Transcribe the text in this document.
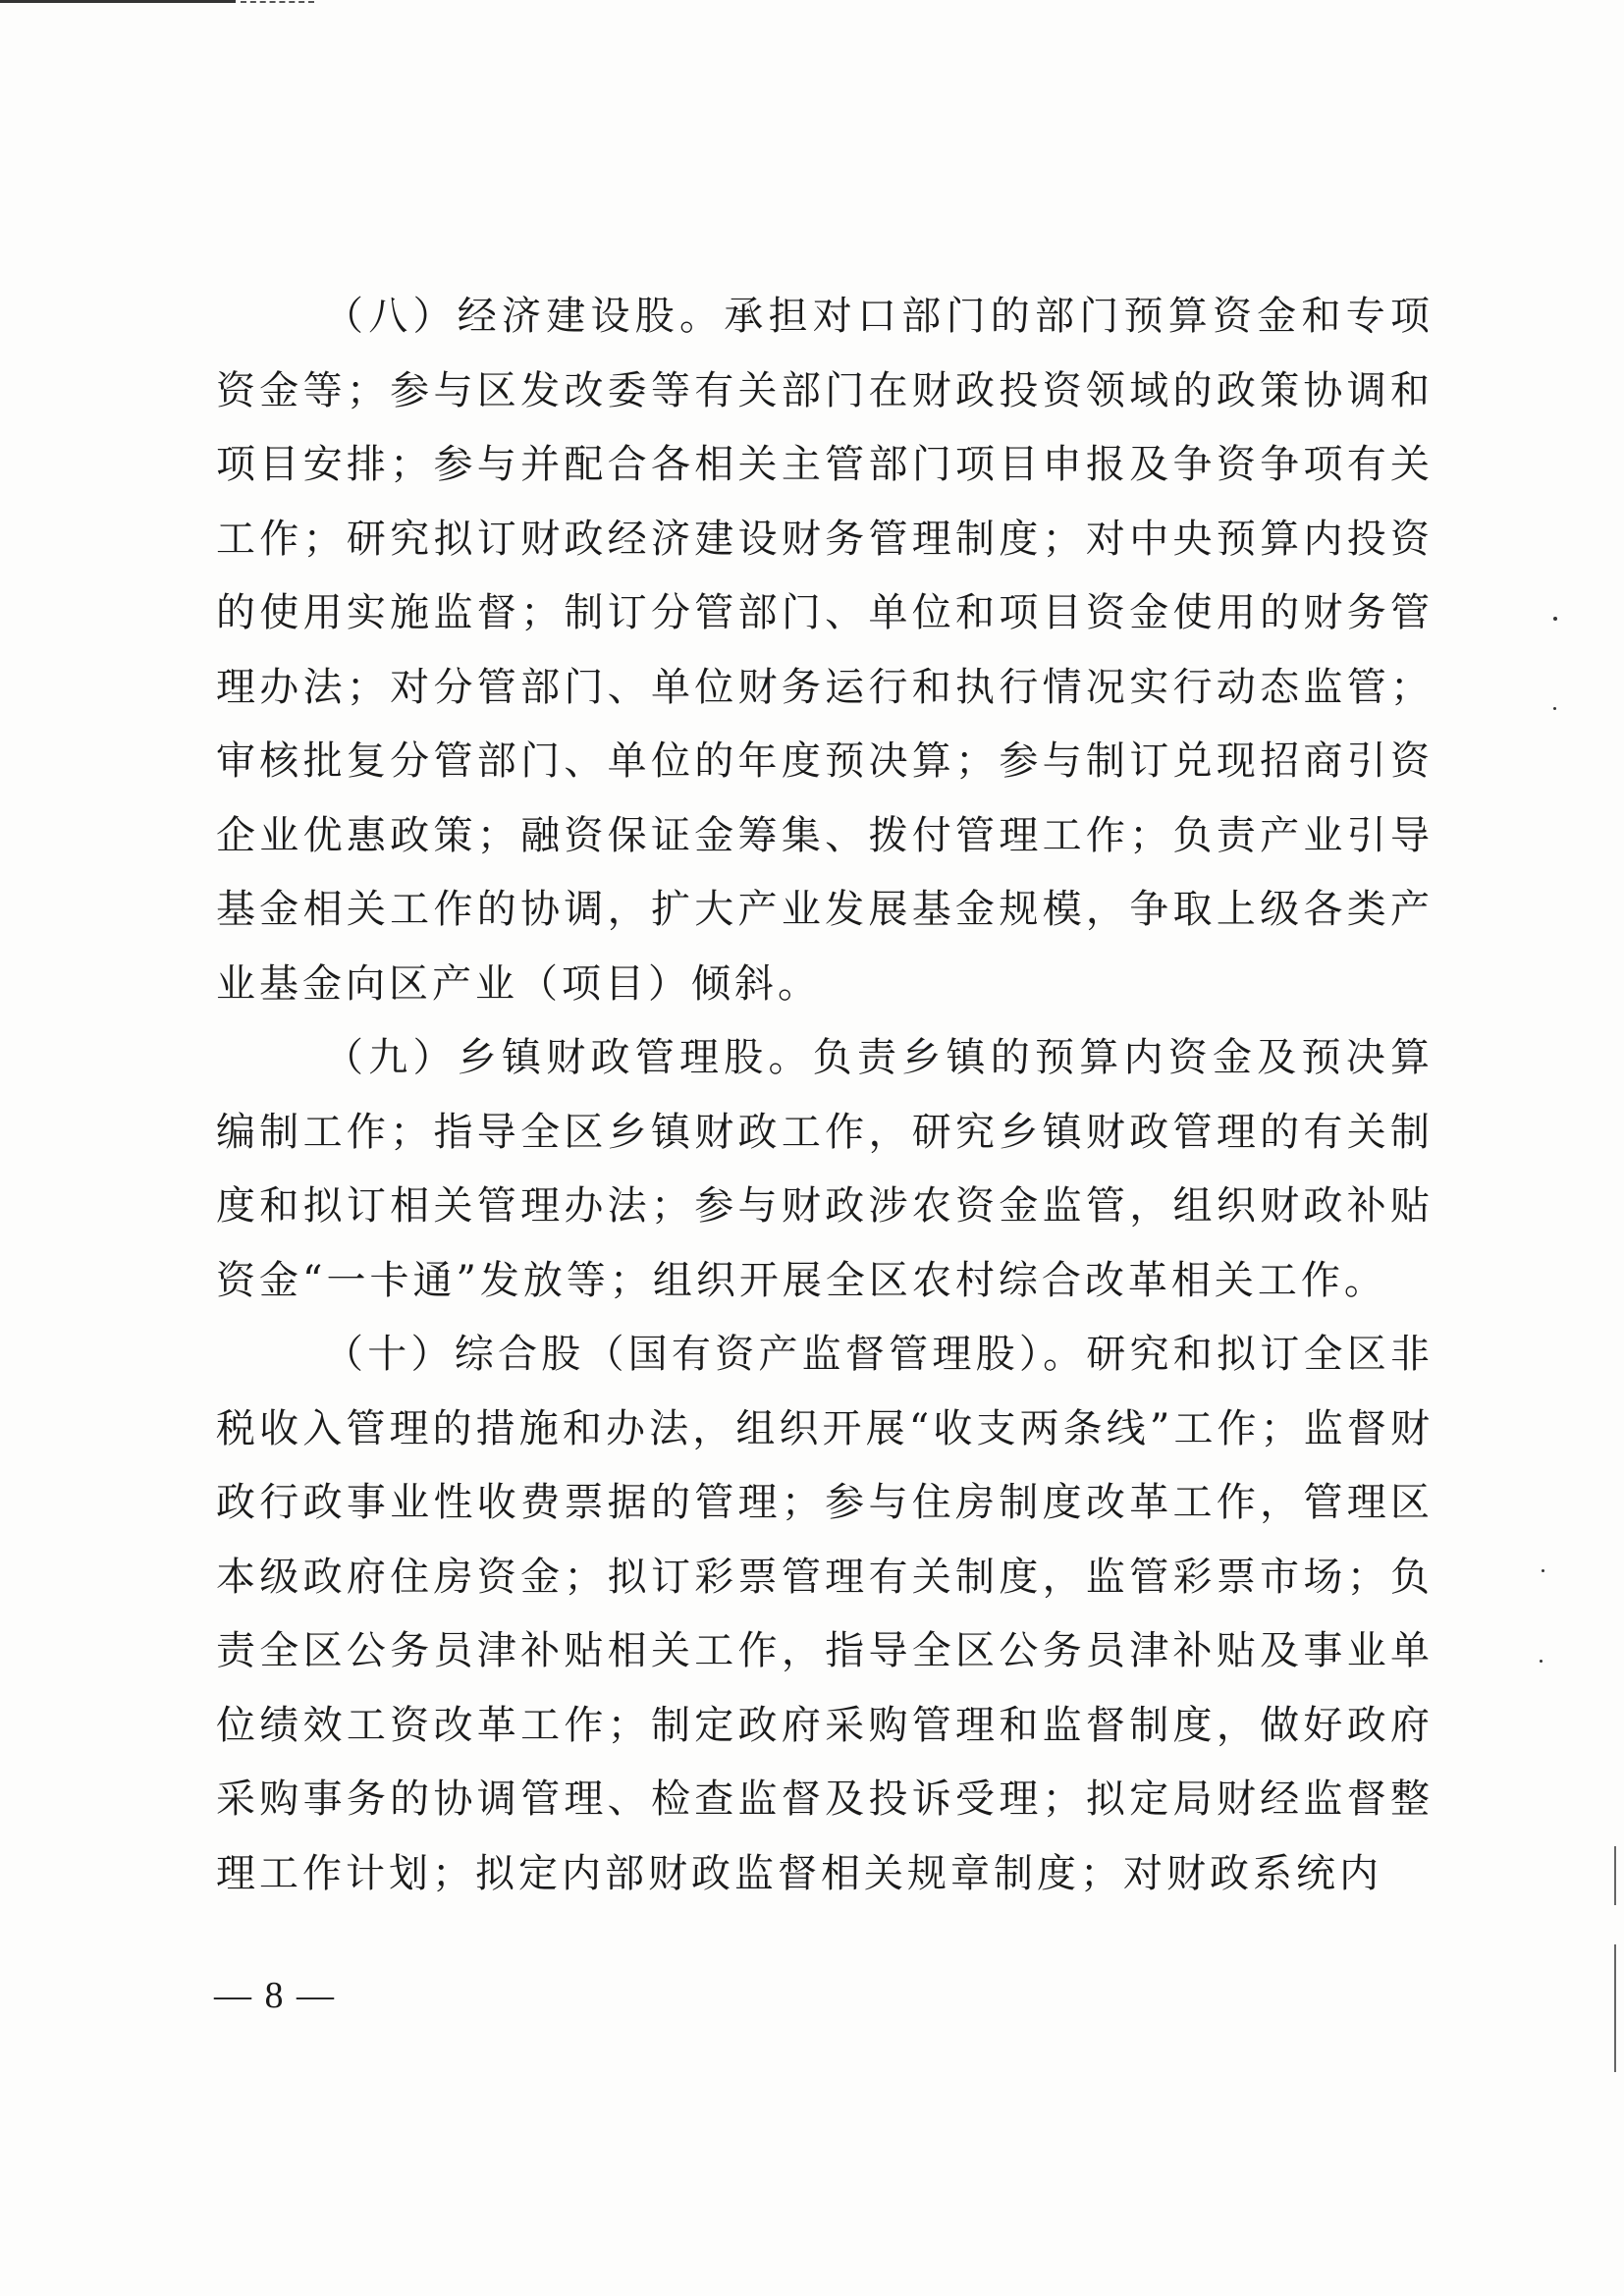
（八）经济建设股。承担对口部门的部门预算资金和专项资金等；参与区发改委等有关部门在财政投资领域的政策协调和项目安排；参与并配合各相关主管部门项目申报及争资争项有关工作；研究拟订财政经济建设财务管理制度；对中央预算内投资的使用实施监督；制订分管部门、单位和项目资金使用的财务管理办法；对分管部门、单位财务运行和执行情况实行动态监管；审核批复分管部门、单位的年度预决算；参与制订兑现招商引资企业优惠政策；融资保证金筹集、拨付管理工作；负责产业引导基金相关工作的协调，扩大产业发展基金规模，争取上级各类产业基金向区产业（项目）倾斜。

（九）乡镇财政管理股。负责乡镇的预算内资金及预决算编制工作；指导全区乡镇财政工作，研究乡镇财政管理的有关制度和拟订相关管理办法；参与财政涉农资金监管，组织财政补贴资金“一卡通”发放等；组织开展全区农村综合改革相关工作。

（十）综合股（国有资产监督管理股）。研究和拟订全区非税收入管理的措施和办法，组织开展“收支两条线”工作；监督财政行政事业性收费票据的管理；参与住房制度改革工作，管理区本级政府住房资金；拟订彩票管理有关制度，监管彩票市场；负责全区公务员津补贴相关工作，指导全区公务员津补贴及事业单位绩效工资改革工作；制定政府采购管理和监督制度，做好政府采购事务的协调管理、检查监督及投诉受理；拟定局财经监督整理工作计划；拟定内部财政监督相关规章制度；对财政系统内

— 8 —
